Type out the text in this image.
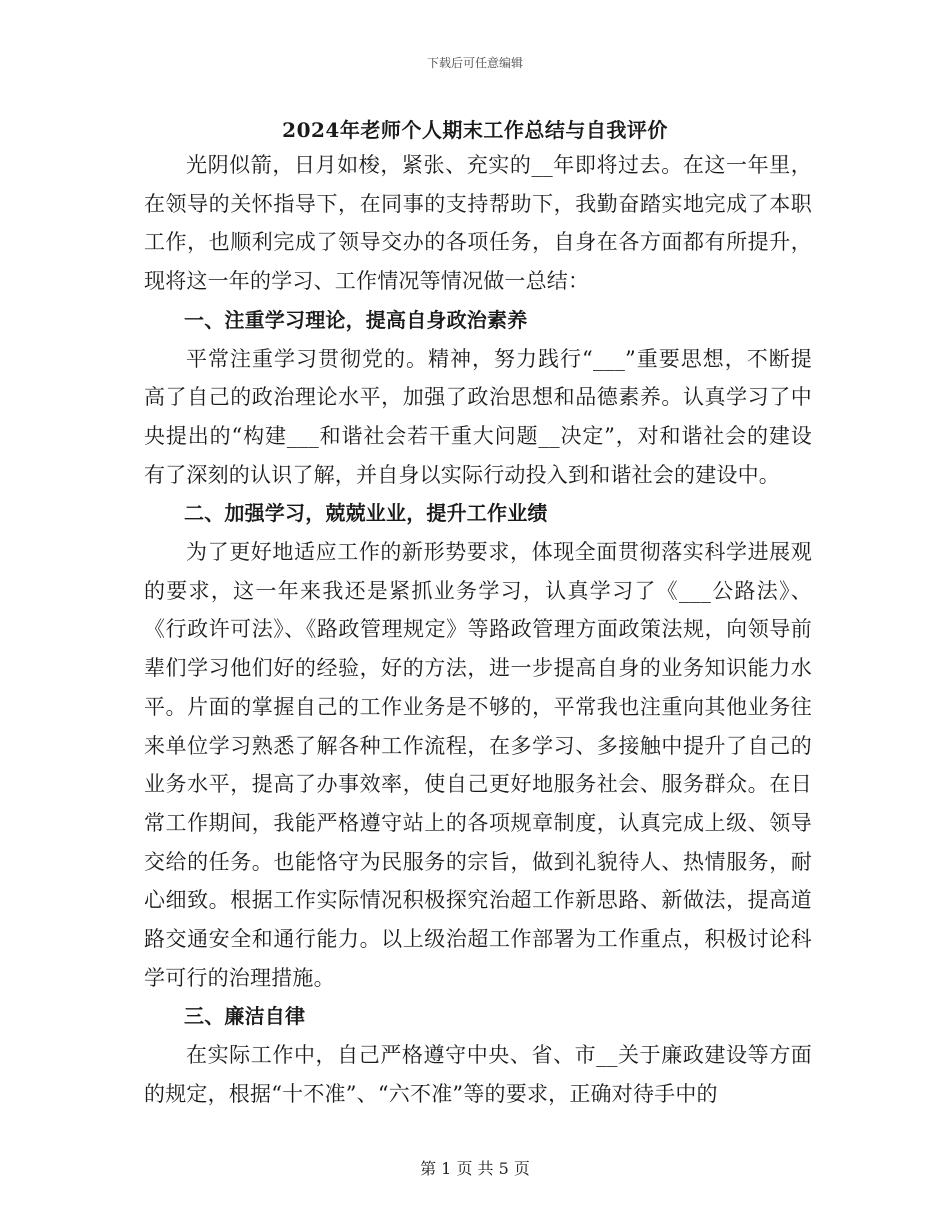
下载后可任意编辑
2024年老师个人期末工作总结与自我评价

光阴似箭，日月如梭，紧张、充实的__年即将过去。在这一年里，在领导的关怀指导下，在同事的支持帮助下，我勤奋踏实地完成了本职工作，也顺利完成了领导交办的各项任务，自身在各方面都有所提升，现将这一年的学习、工作情况等情况做一总结：

一、注重学习理论，提高自身政治素养

平常注重学习贯彻党的。精神，努力践行“___”重要思想，不断提高了自己的政治理论水平，加强了政治思想和品德素养。认真学习了中央提出的“构建___和谐社会若干重大问题__决定”，对和谐社会的建设有了深刻的认识了解，并自身以实际行动投入到和谐社会的建设中。

二、加强学习，兢兢业业，提升工作业绩

为了更好地适应工作的新形势要求，体现全面贯彻落实科学进展观的要求，这一年来我还是紧抓业务学习，认真学习了《___公路法》、《行政许可法》、《路政管理规定》等路政管理方面政策法规，向领导前辈们学习他们好的经验，好的方法，进一步提高自身的业务知识能力水平。片面的掌握自己的工作业务是不够的，平常我也注重向其他业务往来单位学习熟悉了解各种工作流程，在多学习、多接触中提升了自己的业务水平，提高了办事效率，使自己更好地服务社会、服务群众。在日常工作期间，我能严格遵守站上的各项规章制度，认真完成上级、领导交给的任务。也能恪守为民服务的宗旨，做到礼貌待人、热情服务，耐心细致。根据工作实际情况积极探究治超工作新思路、新做法，提高道路交通安全和通行能力。以上级治超工作部署为工作重点，积极讨论科学可行的治理措施。

三、廉洁自律

在实际工作中，自己严格遵守中央、省、市__关于廉政建设等方面的规定，根据“十不准”、“六不准”等的要求，正确对待手中的

第 1 页 共 5 页
